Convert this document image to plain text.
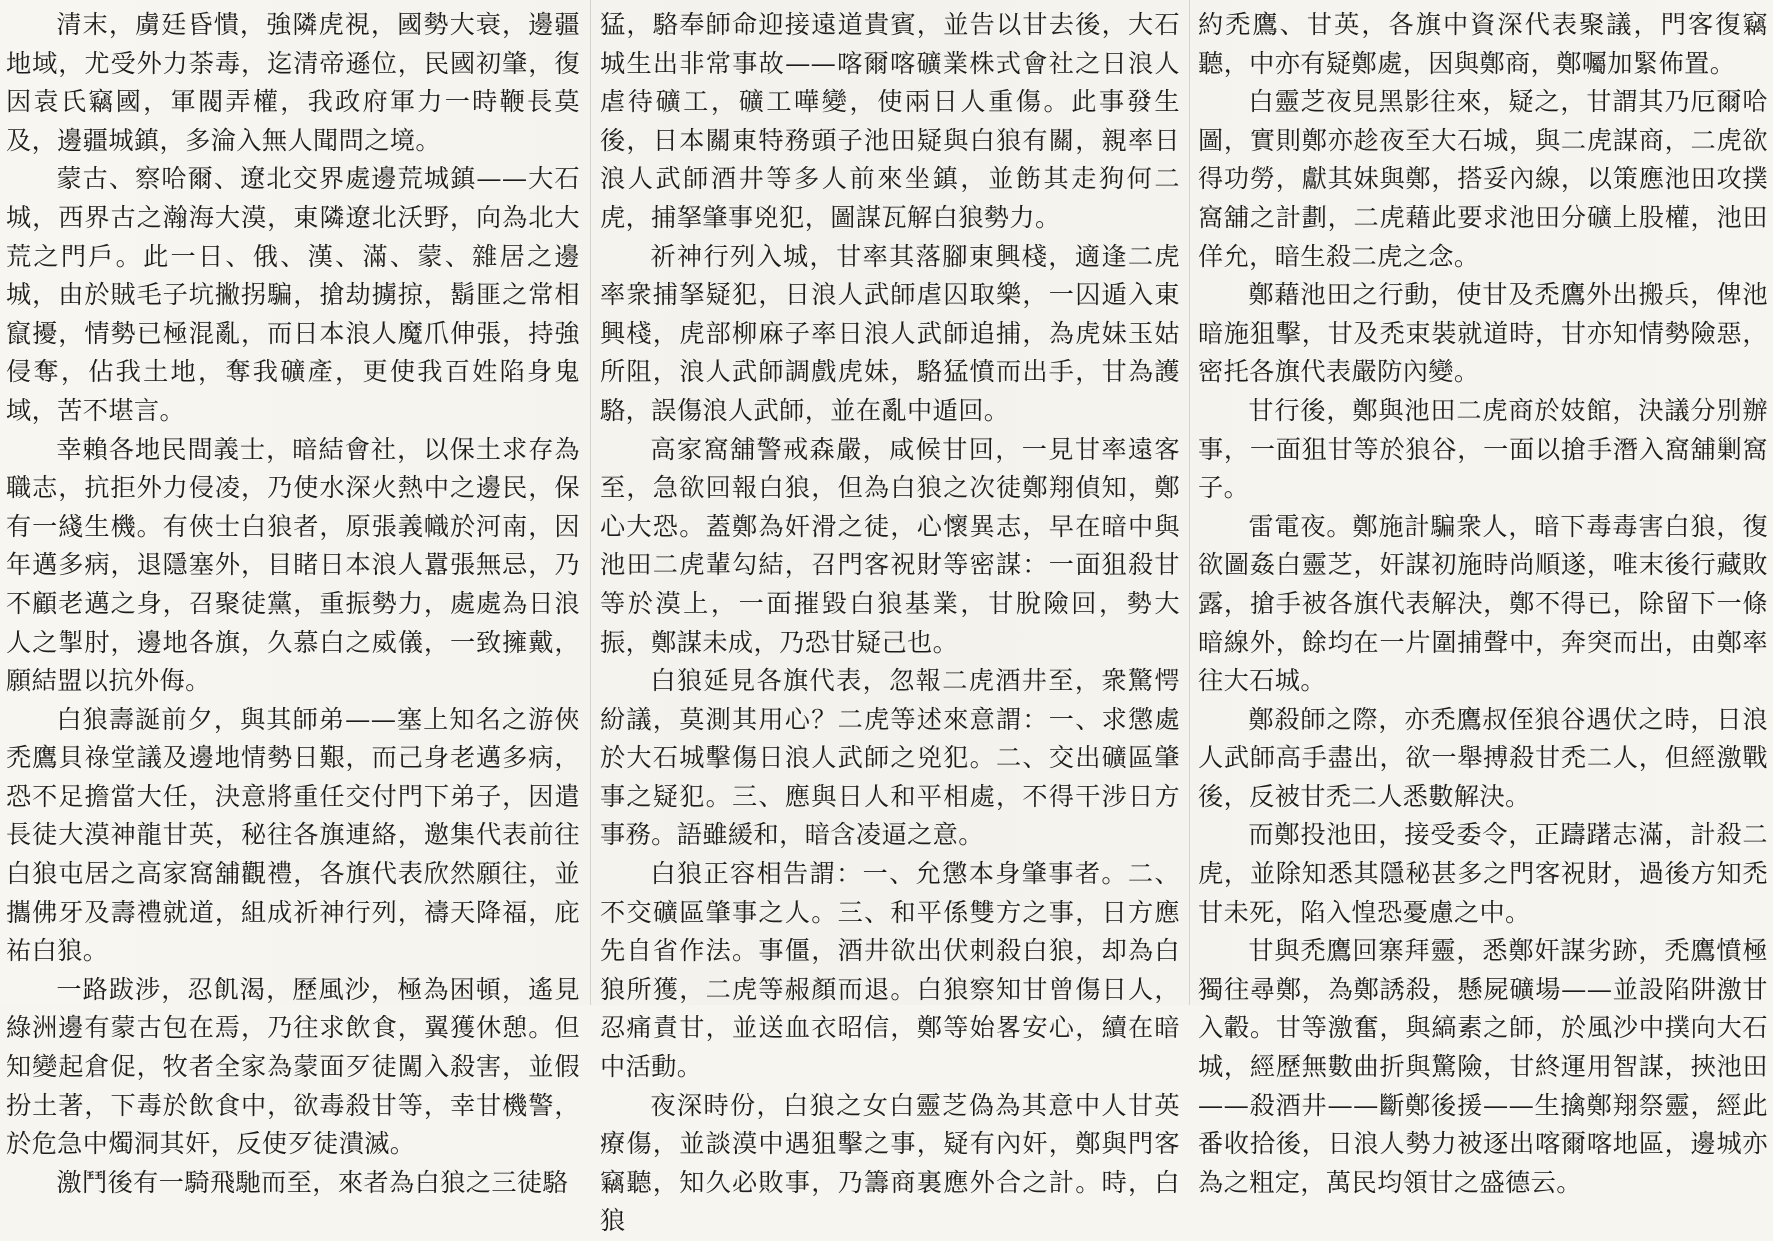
清末，虜廷昏憒，強隣虎視，國勢大衰，邊疆地域，尤受外力荼毒，迄清帝遜位，民國初肇，復因袁氏竊國，軍閥弄權，我政府軍力一時鞭長莫及，邊疆城鎮，多淪入無人聞問之境。

蒙古、察哈爾、遼北交界處邊荒城鎮——大石城，西界古之瀚海大漠，東隣遼北沃野，向為北大荒之門戶。此一日、俄、漢、滿、蒙、雜居之邊城，由於賊毛子坑撇拐騙，搶劫擄掠，鬍匪之常相竄擾，情勢已極混亂，而日本浪人魔爪伸張，持強侵奪，佔我土地，奪我礦產，更使我百姓陷身鬼域，苦不堪言。

幸賴各地民間義士，暗結會社，以保土求存為職志，抗拒外力侵凌，乃使水深火熱中之邊民，保有一綫生機。有俠士白狼者，原張義幟於河南，因年邁多病，退隱塞外，目睹日本浪人囂張無忌，乃不顧老邁之身，召聚徒黨，重振勢力，處處為日浪人之掣肘，邊地各旗，久慕白之威儀，一致擁戴，願結盟以抗外侮。

白狼壽誕前夕，與其師弟——塞上知名之游俠禿鷹貝祿堂議及邊地情勢日艱，而己身老邁多病，恐不足擔當大任，決意將重任交付門下弟子，因遣長徒大漠神龍甘英，秘往各旗連絡，邀集代表前往白狼屯居之高家窩舖觀禮，各旗代表欣然願往，並攜佛牙及壽禮就道，組成祈神行列，禱天降福，庇祐白狼。

一路跋涉，忍飢渴，歷風沙，極為困頓，遙見綠洲邊有蒙古包在焉，乃往求飲食，翼獲休憩。但知變起倉促，牧者全家為蒙面歹徒闖入殺害，並假扮土著，下毒於飲食中，欲毒殺甘等，幸甘機警，於危急中燭洞其奸，反使歹徒潰滅。

激鬥後有一騎飛馳而至，來者為白狼之三徒駱

猛，駱奉師命迎接遠道貴賓，並告以甘去後，大石城生出非常事故——喀爾喀礦業株式會社之日浪人虐待礦工，礦工嘩變，使兩日人重傷。此事發生後，日本關東特務頭子池田疑與白狼有關，親率日浪人武師酒井等多人前來坐鎮，並飭其走狗何二虎，捕拏肇事兇犯，圖謀瓦解白狼勢力。

祈神行列入城，甘率其落腳東興棧，適逢二虎率衆捕拏疑犯，日浪人武師虐囚取樂，一囚遁入東興棧，虎部柳麻子率日浪人武師追捕，為虎妹玉姑所阻，浪人武師調戲虎妹，駱猛憤而出手，甘為護駱，誤傷浪人武師，並在亂中遁回。

高家窩舖警戒森嚴，咸候甘回，一見甘率遠客至，急欲回報白狼，但為白狼之次徒鄭翔偵知，鄭心大恐。蓋鄭為奸滑之徒，心懷異志，早在暗中與池田二虎輩勾結，召門客祝財等密謀：一面狙殺甘等於漠上，一面摧毀白狼基業，甘脫險回，勢大振，鄭謀未成，乃恐甘疑己也。

白狼延見各旗代表，忽報二虎酒井至，衆驚愕紛議，莫測其用心？二虎等述來意謂：一、求懲處於大石城擊傷日浪人武師之兇犯。二、交出礦區肇事之疑犯。三、應與日人和平相處，不得干涉日方事務。語雖緩和，暗含凌逼之意。

白狼正容相告謂：一、允懲本身肇事者。二、不交礦區肇事之人。三、和平係雙方之事，日方應先自省作法。事僵，酒井欲出伏刺殺白狼，却為白狼所獲，二虎等赧顏而退。白狼察知甘曾傷日人，忍痛責甘，並送血衣昭信，鄭等始畧安心，續在暗中活動。

夜深時份，白狼之女白靈芝偽為其意中人甘英療傷，並談漠中遇狙擊之事，疑有內奸，鄭與門客竊聽，知久必敗事，乃籌商裏應外合之計。時，白狼

約禿鷹、甘英，各旗中資深代表聚議，門客復竊聽，中亦有疑鄭處，因與鄭商，鄭囑加緊佈置。

白靈芝夜見黑影往來，疑之，甘謂其乃厄爾哈圖，實則鄭亦趁夜至大石城，與二虎謀商，二虎欲得功勞，獻其妹與鄭，搭妥內線，以策應池田攻撲窩舖之計劃，二虎藉此要求池田分礦上股權，池田佯允，暗生殺二虎之念。

鄭藉池田之行動，使甘及禿鷹外出搬兵，俾池暗施狙擊，甘及禿束裝就道時，甘亦知情勢險惡，密托各旗代表嚴防內變。

甘行後，鄭與池田二虎商於妓館，決議分別辦事，一面狙甘等於狼谷，一面以搶手潛入窩舖剿窩子。

雷電夜。鄭施計騙衆人，暗下毒毒害白狼，復欲圖姦白靈芝，奸謀初施時尚順遂，唯末後行藏敗露，搶手被各旗代表解決，鄭不得已，除留下一條暗線外，餘均在一片圍捕聲中，奔突而出，由鄭率往大石城。

鄭殺師之際，亦禿鷹叔侄狼谷遇伏之時，日浪人武師高手盡出，欲一舉搏殺甘禿二人，但經激戰後，反被甘禿二人悉數解決。

而鄭投池田，接受委令，正躊躇志滿，計殺二虎，並除知悉其隱秘甚多之門客祝財，過後方知禿甘未死，陷入惶恐憂慮之中。

甘與禿鷹回寨拜靈，悉鄭奸謀劣跡，禿鷹憤極獨往尋鄭，為鄭誘殺，懸屍礦場——並設陷阱激甘入轂。甘等激奮，與縞素之師，於風沙中撲向大石城，經歷無數曲折與驚險，甘終運用智謀，挾池田——殺酒井——斷鄭後援——生擒鄭翔祭靈，經此番收拾後，日浪人勢力被逐出喀爾喀地區，邊城亦為之粗定，萬民均領甘之盛德云。
